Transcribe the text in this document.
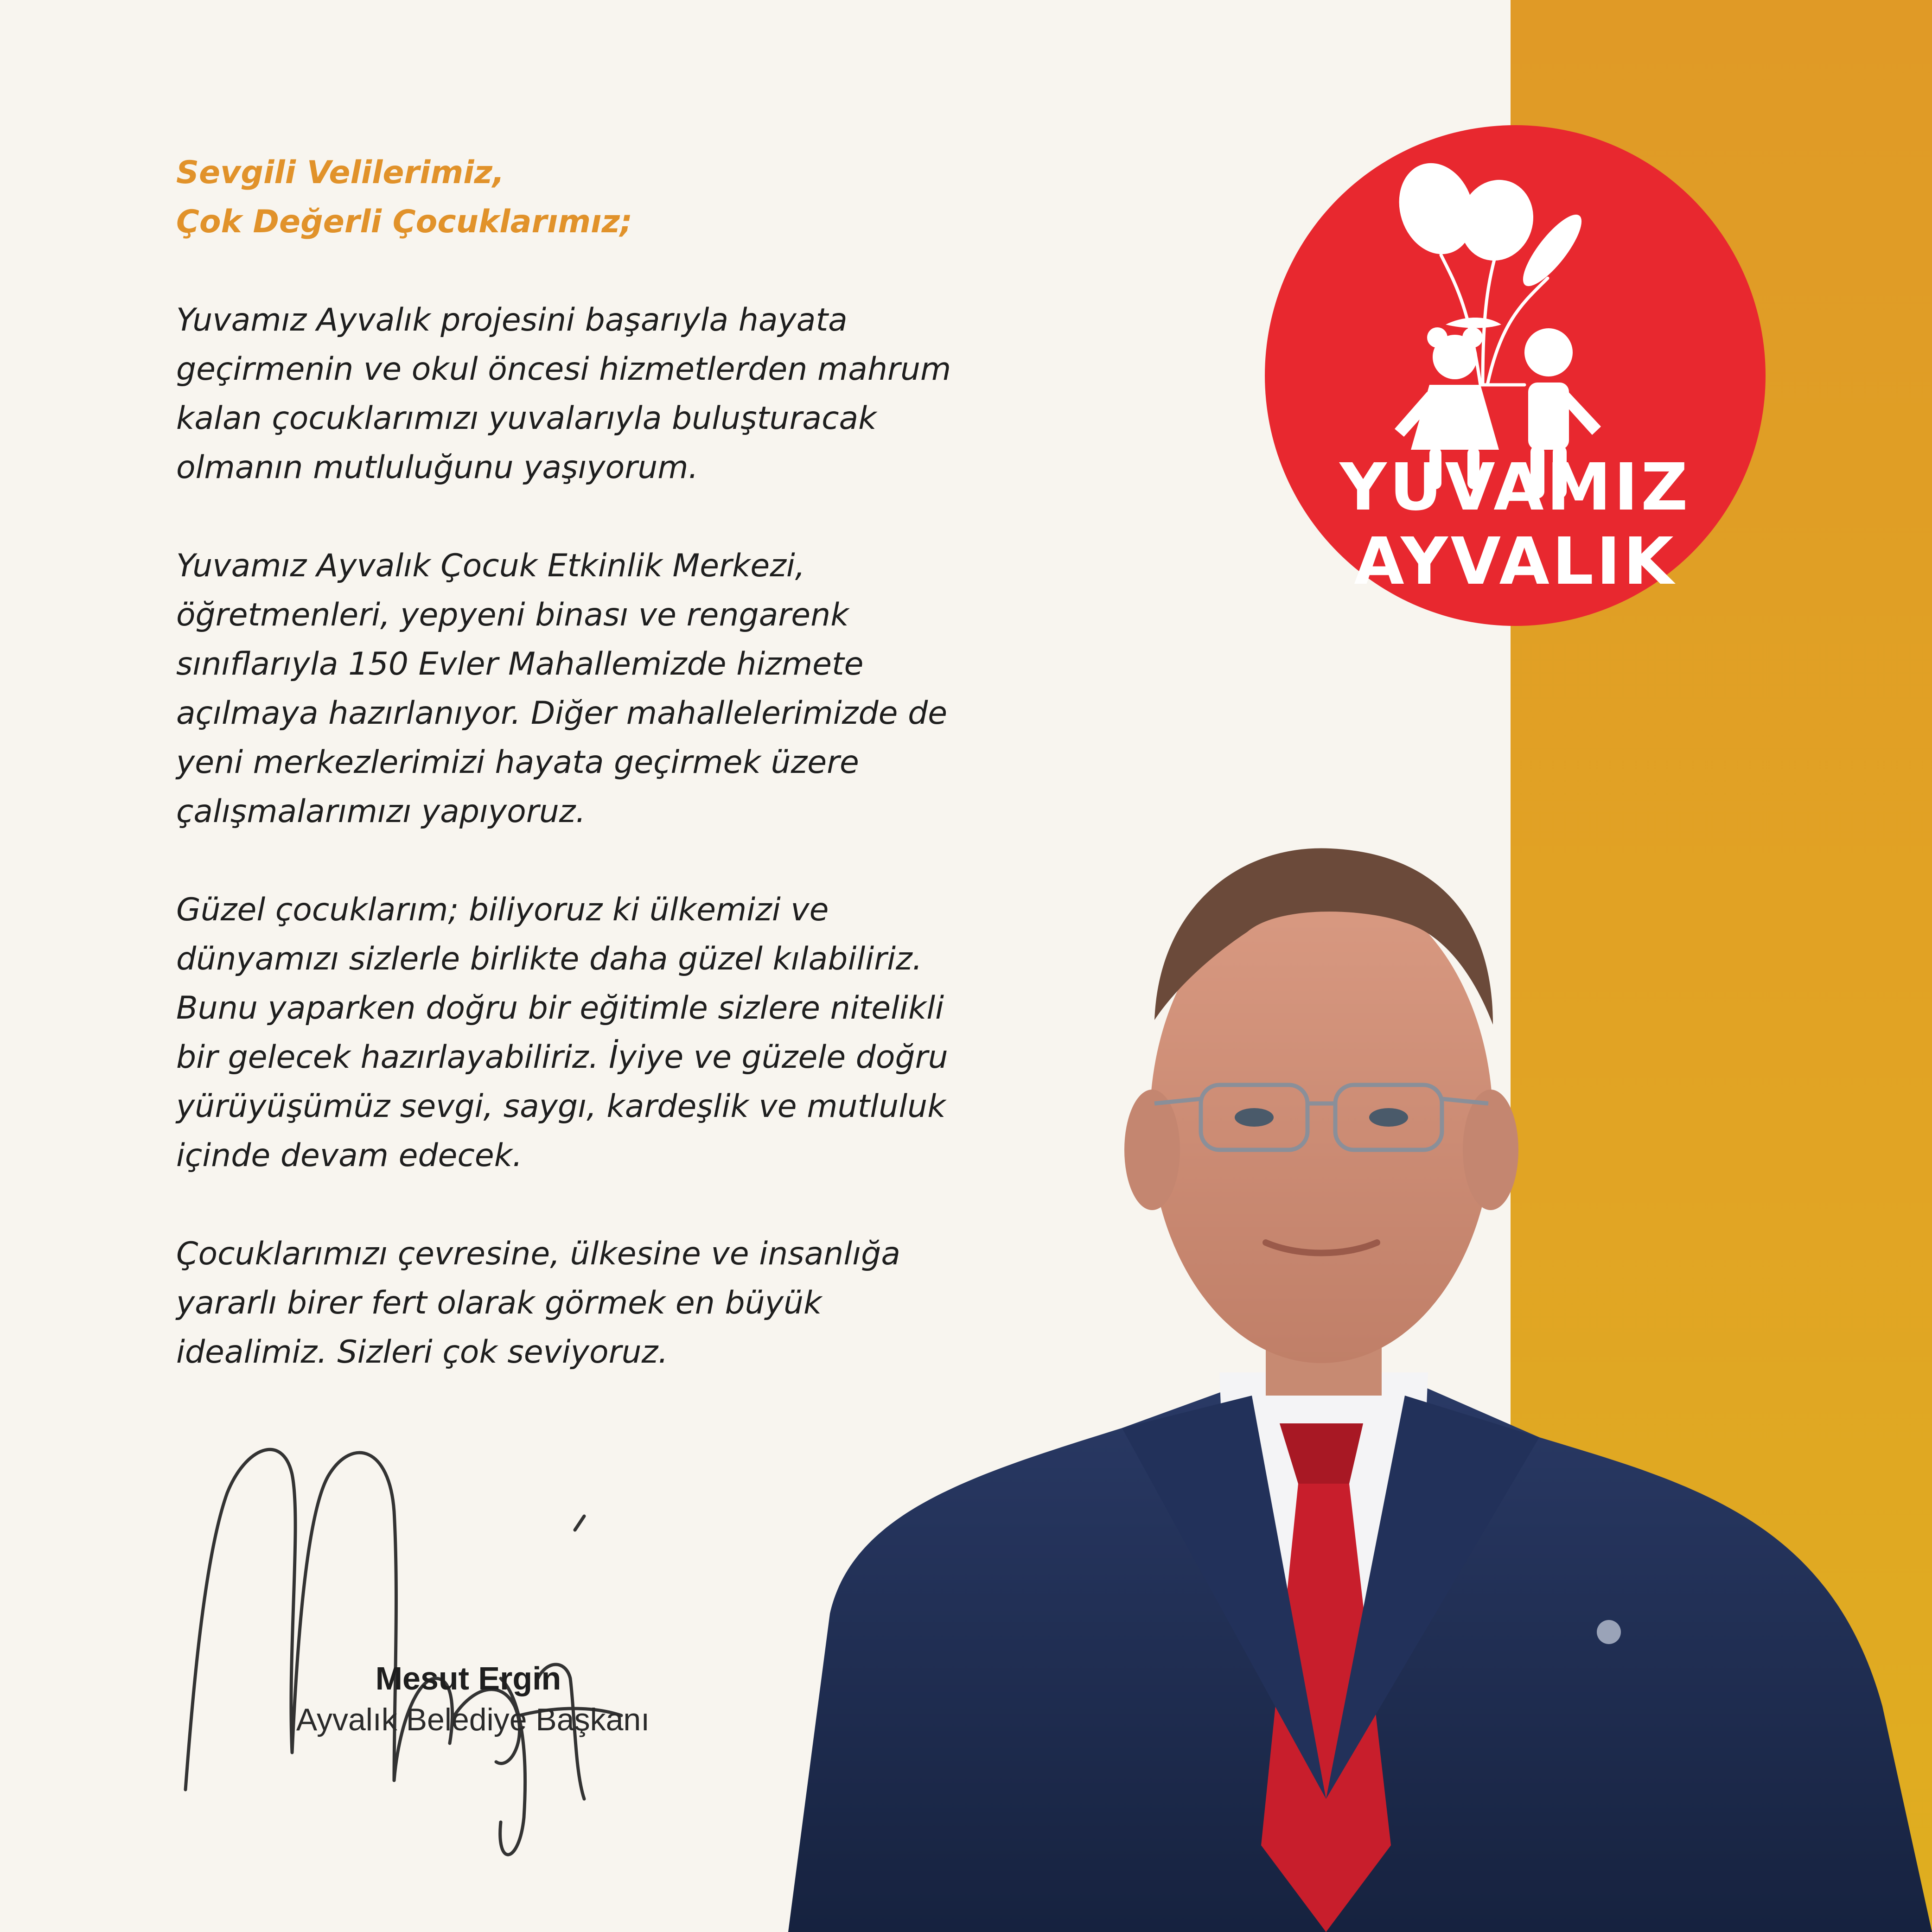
Sevgili Velilerimiz,
Çok Değerli Çocuklarımız;
Yuvamız Ayvalık projesini başarıyla hayata
geçirmenin ve okul öncesi hizmetlerden mahrum
kalan çocuklarımızı yuvalarıyla buluşturacak
olmanın mutluluğunu yaşıyorum.
Yuvamız Ayvalık Çocuk Etkinlik Merkezi,
öğretmenleri, yepyeni binası ve rengarenk
sınıflarıyla 150 Evler Mahallemizde hizmete
açılmaya hazırlanıyor. Diğer mahallelerimizde de
yeni merkezlerimizi hayata geçirmek üzere
çalışmalarımızı yapıyoruz.
Güzel çocuklarım; biliyoruz ki ülkemizi ve
dünyamızı sizlerle birlikte daha güzel kılabiliriz.
Bunu yaparken doğru bir eğitimle sizlere nitelikli
bir gelecek hazırlayabiliriz. İyiye ve güzele doğru
yürüyüşümüz sevgi, saygı, kardeşlik ve mutluluk
içinde devam edecek.
Çocuklarımızı çevresine, ülkesine ve insanlığa
yararlı birer fert olarak görmek en büyük
idealimiz. Sizleri çok seviyoruz.
Mesut Ergin
Ayvalık Belediye Başkanı
YUVAMIZ
AYVALIK
